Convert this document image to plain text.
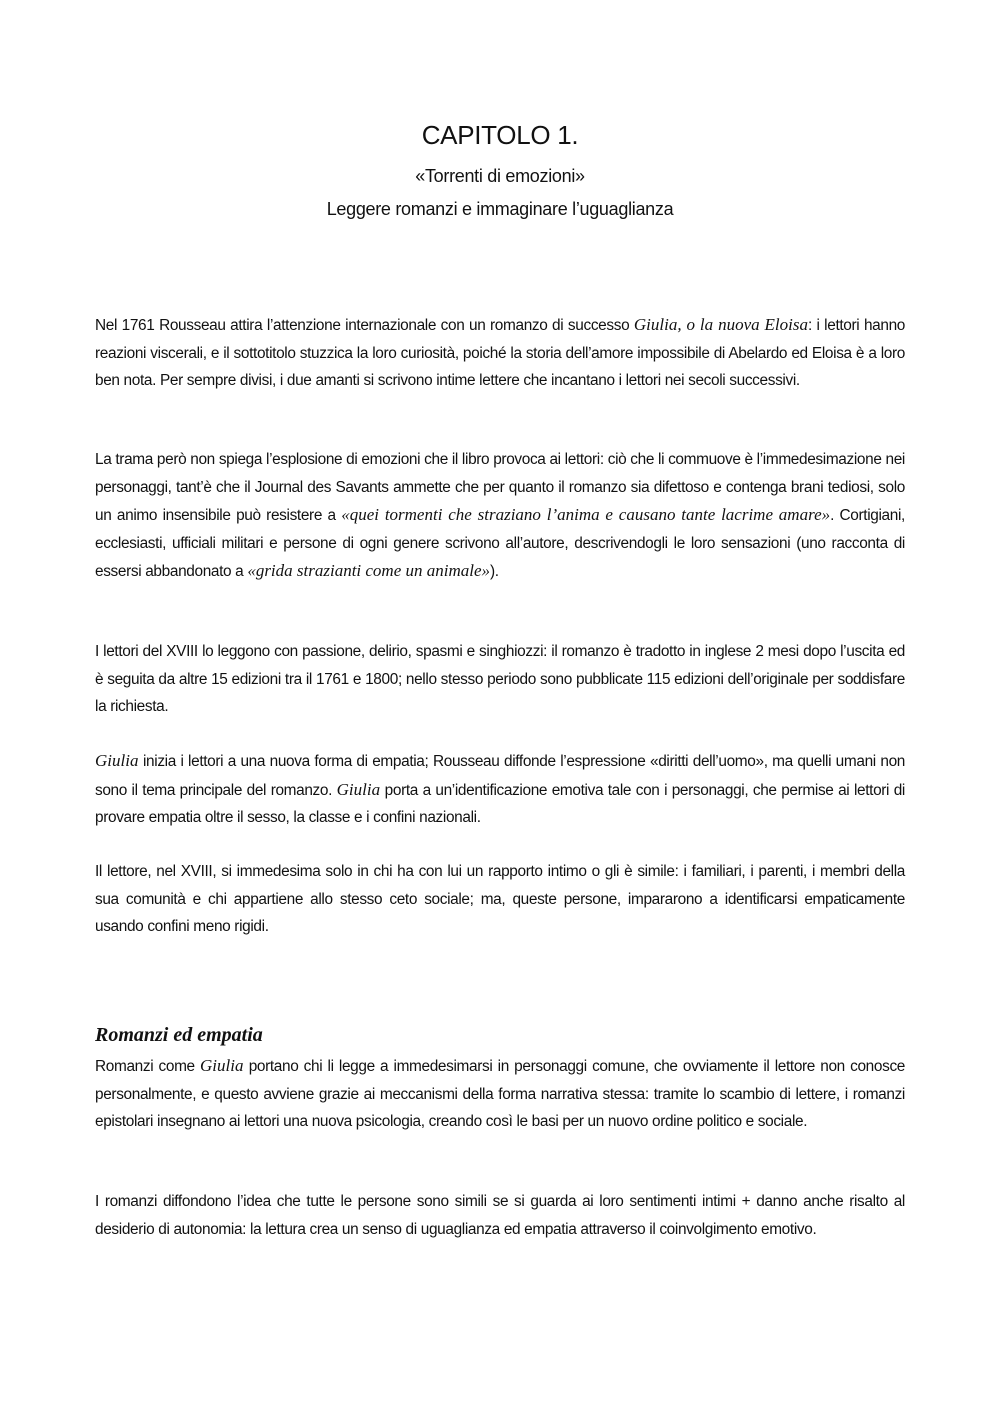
CAPITOLO 1.
«Torrenti di emozioni»
Leggere romanzi e immaginare l’uguaglianza

Nel 1761 Rousseau attira l’attenzione internazionale con un romanzo di successo Giulia, o la nuova Eloisa: i lettori hanno reazioni viscerali, e il sottotitolo stuzzica la loro curiosità, poiché la storia dell’amore impossibile di Abelardo ed Eloisa è a loro ben nota. Per sempre divisi, i due amanti si scrivono intime lettere che incantano i lettori nei secoli successivi.

La trama però non spiega l’esplosione di emozioni che il libro provoca ai lettori: ciò che li commuove è l’immedesimazione nei personaggi, tant’è che il Journal des Savants ammette che per quanto il romanzo sia difettoso e contenga brani tediosi, solo un animo insensibile può resistere a «quei tormenti che straziano l’anima e causano tante lacrime amare». Cortigiani, ecclesiasti, ufficiali militari e persone di ogni genere scrivono all’autore, descrivendogli le loro sensazioni (uno racconta di essersi abbandonato a «grida strazianti come un animale»).

I lettori del XVIII lo leggono con passione, delirio, spasmi e singhiozzi: il romanzo è tradotto in inglese 2 mesi dopo l’uscita ed è seguita da altre 15 edizioni tra il 1761 e 1800; nello stesso periodo sono pubblicate 115 edizioni dell’originale per soddisfare la richiesta.

Giulia inizia i lettori a una nuova forma di empatia; Rousseau diffonde l’espressione «diritti dell’uomo», ma quelli umani non sono il tema principale del romanzo. Giulia porta a un’identificazione emotiva tale con i personaggi, che permise ai lettori di provare empatia oltre il sesso, la classe e i confini nazionali.

Il lettore, nel XVIII, si immedesima solo in chi ha con lui un rapporto intimo o gli è simile: i familiari, i parenti, i membri della sua comunità e chi appartiene allo stesso ceto sociale; ma, queste persone, impararono a identificarsi empaticamente usando confini meno rigidi.

Romanzi ed empatia

Romanzi come Giulia portano chi li legge a immedesimarsi in personaggi comune, che ovviamente il lettore non conosce personalmente, e questo avviene grazie ai meccanismi della forma narrativa stessa: tramite lo scambio di lettere, i romanzi epistolari insegnano ai lettori una nuova psicologia, creando così le basi per un nuovo ordine politico e sociale.

I romanzi diffondono l’idea che tutte le persone sono simili se si guarda ai loro sentimenti intimi + danno anche risalto al desiderio di autonomia: la lettura crea un senso di uguaglianza ed empatia attraverso il coinvolgimento emotivo.
